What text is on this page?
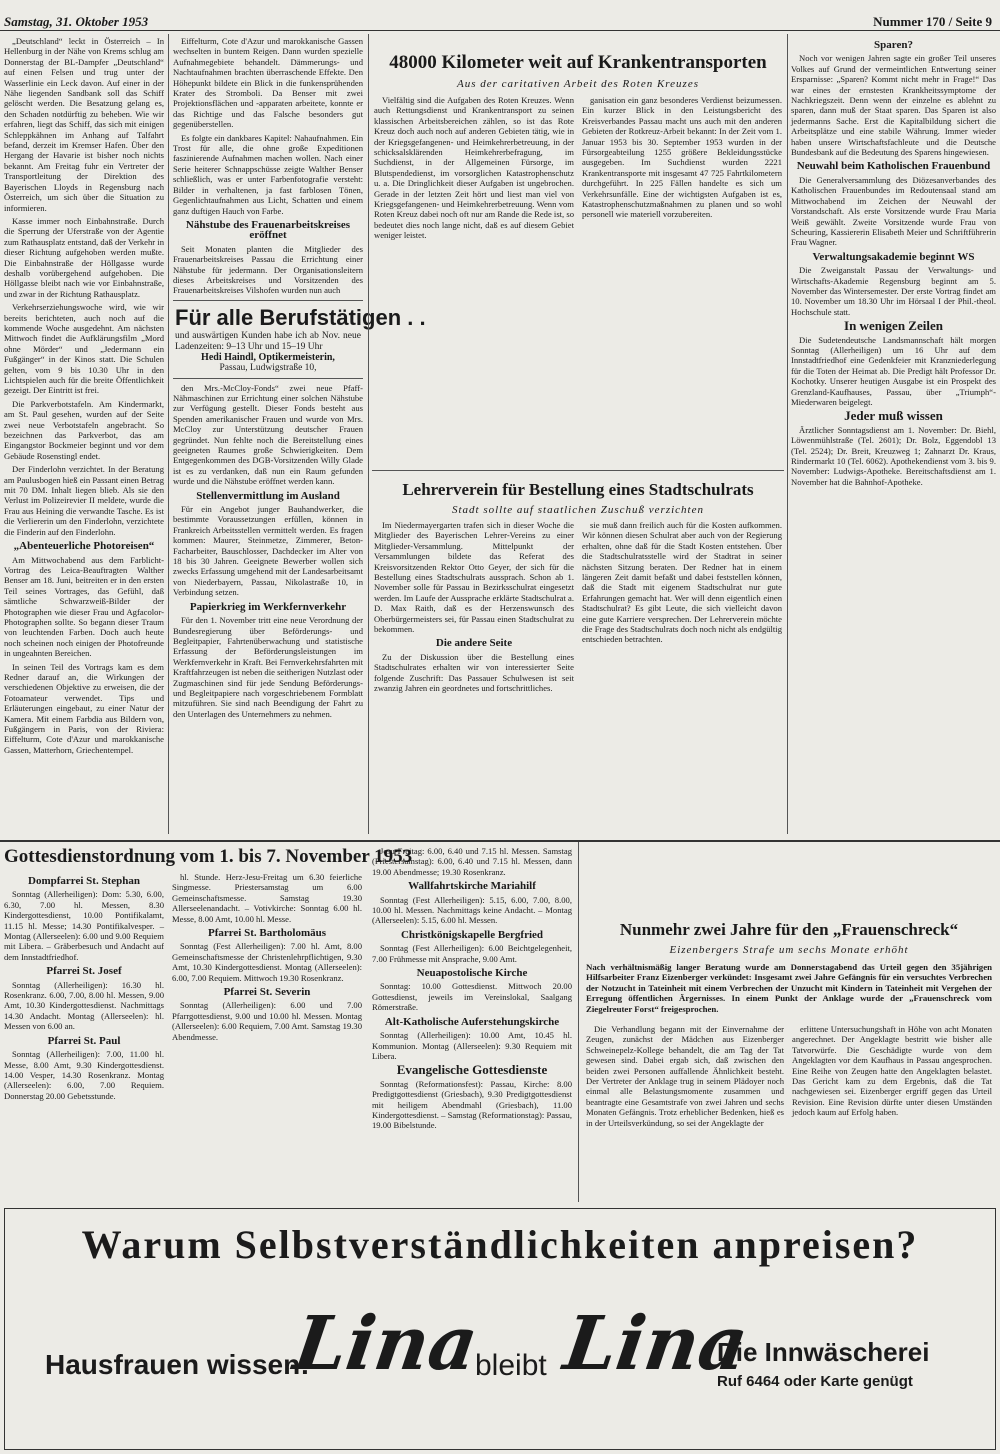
Samstag, 31. Oktober 1953	Nummer 170 / Seite 9

„Deutschland“ leckt in Österreich – In Hellenburg in der Nähe von Krems schlug am Donnerstag der BL-Dampfer „Deutschland“ auf einen Felsen und trug unter der Wasserlinie ein Leck davon. Auf einer in der Nähe liegenden Sandbank soll das Schiff gelöscht werden. Die Besatzung gelang es, den Schaden notdürftig zu beheben. Wie wir erfahren, liegt das Schiff, das sich mit einigen Schleppkähnen im Anhang auf Talfahrt befand, derzeit im Kremser Hafen. Über den Hergang der Havarie ist bisher noch nichts bekannt. Am Freitag fuhr ein Vertreter der Transportleitung der Direktion des Bayerischen Lloyds in Regensburg nach Österreich, um sich über die Situation zu informieren.

Kasse immer noch Einbahnstraße. Durch die Sperrung der Uferstraße von der Agentie zum Rathausplatz entstand, daß der Verkehr in dieser Richtung aufgehoben werden mußte. Die Einbahnstraße der Höllgasse wurde deshalb vorübergehend aufgehoben. Die Höllgasse bleibt nach wie vor Einbahnstraße, und zwar in der Richtung Rathausplatz.

Verkehrserziehungswoche wird, wie wir bereits berichteten, auch noch auf die kommende Woche ausgedehnt. Am nächsten Mittwoch findet die Aufklärungsfilm „Mord ohne Mörder“ und „Jedermann ein Fußgänger“ in der Kinos statt. Die Schulen gelten, vom 9 bis 10.30 Uhr in den Lichtspielen auch für die breite Öffentlichkeit gezeigt. Der Eintritt ist frei.

Die Parkverbotstafeln. Am Kindermarkt, am St. Paul gesehen, wurden auf der Seite zwei neue Verbotstafeln angebracht. So bezeichnen das Parkverbot, das am Eingangstor Bockmeier beginnt und vor dem Gebäude Rosenstingl endet.

Der Finderlohn verzichtet. In der Beratung am Paulusbogen hieß ein Passant einen Betrag mit 70 DM. Inhalt liegen blieb. Als sie den Verlust im Polizeirevier II meldete, wurde die Frau aus Heining die verwandte Tasche. Es ist die Verliererin um den Finderlohn, verzichtete die Finderin auf den Finderlohn.

„Abenteuerliche Photoreisen“

Am Mittwochabend aus dem Farblicht-Vortrag des Leica-Beauftragten Walther Benser am 18. Juni, beitreiten er in den ersten Teil seines Vortrages, das Gefühl, daß sämtliche Schwarzweiß-Bilder der Photographen wie dieser Frau und Agfacolor-Photographen sollte. So begann dieser Traum von leuchtenden Farben. Doch auch heute noch scheinen noch einigen der Photofreunde in ungeahnten Bereichen.

In seinen Teil des Vortrags kam es dem Redner darauf an, die Wirkungen der verschiedenen Objektive zu erweisen, die der Fotoamateur verwendet. Tips und Erläuterungen eingebaut, zu einer Natur der Kamera. Mit einem Farbdia aus Bildern von, Fußgängern in Paris, von der Riviera: Eiffelturm, Cote d'Azur und marokkanische Gassen, Matterhorn, Griechentempel.

Eiffelturm, Cote d'Azur und marokkanische Gassen wechselten in buntem Reigen. Dann wurden spezielle Aufnahmegebiete behandelt. Dämmerungs- und Nachtaufnahmen brachten überraschende Effekte. Den Höhepunkt bildete ein Blick in die funkensprühenden Krater des Stromboli. Da Benser mit zwei Projektionsflächen und -apparaten arbeitete, konnte er das Richtige und das Falsche besonders gut gegenüberstellen.

Es folgte ein dankbares Kapitel: Nahaufnahmen. Ein Trost für alle, die ohne große Expeditionen faszinierende Aufnahmen machen wollen. Nach einer Serie heiterer Schnappschüsse zeigte Walther Benser schließlich, was er unter Farbenfotografie versteht: Bilder in verhaltenen, ja fast farblosen Tönen, Gegenlichtaufnahmen aus Licht, Schatten und einem ganz duftigen Hauch von Farbe.

Nähstube des Frauenarbeitskreises eröffnet

Seit Monaten planten die Mitglieder des Frauenarbeitskreises Passau die Errichtung einer Nähstube für jedermann. Der Organisationsleitern dieses Arbeitskreises und Vorsitzenden des Frauenarbeitskreises Vilshofen wurden nun auch

Für alle Berufstätigen . .
und auswärtigen Kunden habe ich ab Nov. neue Ladenzeiten: 9–13 Uhr und 15–19 Uhr
Hedi Haindl, Optikermeisterin,
Passau, Ludwigstraße 10,

den Mrs.-McCloy-Fonds“ zwei neue Pfaff-Nähmaschinen zur Errichtung einer solchen Nähstube zur Verfügung gestellt. Dieser Fonds besteht aus Spenden amerikanischer Frauen und wurde von Mrs. McCloy zur Unterstützung deutscher Frauen gegründet. Nun fehlte noch die Bereitstellung eines geeigneten Raumes große Schwierigkeiten. Dem Entgegenkommen des DGB-Vorsitzenden Willy Glade ist es zu verdanken, daß nun ein Raum gefunden wurde und die Nähstube eröffnet werden kann.

Stellenvermittlung im Ausland

Für ein Angebot junger Bauhandwerker, die bestimmte Voraussetzungen erfüllen, können in Frankreich Arbeitsstellen vermittelt werden. Es fragen kommen: Maurer, Steinmetze, Zimmerer, Beton-Facharbeiter, Bauschlosser, Dachdecker im Alter von 18 bis 30 Jahren. Geeignete Bewerber wollen sich zwecks Erfassung umgehend mit der Landesarbeitsamt von Niederbayern, Passau, Nikolastraße 10, in Verbindung setzen.

Papierkrieg im Werkfernverkehr

Für den 1. November tritt eine neue Verordnung der Bundesregierung über Beförderungs- und Begleitpapier, Fahrtenüberwachung und statistische Erfassung der Beförderungsleistungen im Werkfernverkehr in Kraft. Bei Fernverkehrsfahrten mit Kraftfahrzeugen ist neben die seitherigen Nutzlast oder Zugmaschinen sind für jede Sendung Beförderungs- und Begleitpapiere nach vorgeschriebenem Formblatt mitzuführen. Sie sind nach Beendigung der Fahrt zu den Unterlagen des Unternehmers zu nehmen.

48000 Kilometer weit auf Krankentransporten
Aus der caritativen Arbeit des Roten Kreuzes

Vielfältig sind die Aufgaben des Roten Kreuzes. Wenn auch Rettungsdienst und Krankentransport zu seinen klassischen Arbeitsbereichen zählen, so ist das Rote Kreuz doch auch noch auf anderen Gebieten tätig, wie in der Kriegsgefangenen- und Heimkehrerbetreuung, in der schicksalsklärenden Heimkehrerbefragung, im Suchdienst, in der Allgemeinen Fürsorge, im Blutspendedienst, im vorsorglichen Katastrophenschutz u. a. Die Dringlichkeit dieser Aufgaben ist ungebrochen. Gerade in der letzten Zeit hört und liest man viel von Kriegsgefangenen- und Heimkehrerbetreuung. Wenn vom Roten Kreuz dabei noch oft nur am Rande die Rede ist, so bedeutet dies noch lange nicht, daß es auf diesem Gebiet weniger leistet.

ganisation ein ganz besonderes Verdienst beizumessen. Ein kurzer Blick in den Leistungsbericht des Kreisverbandes Passau macht uns auch mit den anderen Gebieten der Rotkreuz-Arbeit bekannt: In der Zeit vom 1. Januar 1953 bis 30. September 1953 wurden in der Fürsorgeabteilung 1255 größere Bekleidungsstücke ausgegeben. Im Suchdienst wurden 2221 Krankentransporte mit insgesamt 47 725 Fahrtkilometern durchgeführt. In 225 Fällen handelte es sich um Verkehrsunfälle. Eine der wichtigsten Aufgaben ist es, Katastrophenschutzmaßnahmen zu planen und so wohl personell wie materiell vorzubereiten.

Lehrerverein für Bestellung eines Stadtschulrats
Stadt sollte auf staatlichen Zuschuß verzichten

Im Niedermayergarten trafen sich in dieser Woche die Mitglieder des Bayerischen Lehrer-Vereins zu einer Mitglieder-Versammlung. Mittelpunkt der Versammlungen bildete das Referat des Kreisvorsitzenden Rektor Otto Geyer, der sich für die Bestellung eines Stadtschulrats aussprach. Schon ab 1. November solle für Passau in Bezirksschulrat eingesetzt werden. Im Laufe der Aussprache erklärte Stadtschulrat a. D. Max Raith, daß es der Herzenswunsch des Oberbürgermeisters sei, für Passau einen Stadtschulrat zu bekommen.

Die andere Seite

Zu der Diskussion über die Bestellung eines Stadtschulrates erhalten wir von interessierter Seite folgende Zuschrift: Das Passauer Schulwesen ist seit zwanzig Jahren ein geordnetes und fortschrittliches.

sie muß dann freilich auch für die Kosten aufkommen. Wir können diesen Schulrat aber auch von der Regierung erhalten, ohne daß für die Stadt Kosten entstehen. Über die Stadtschulratsstelle wird der Stadtrat in seiner nächsten Sitzung beraten. Der Redner hat in einem längeren Zeit damit befaßt und dabei feststellen können, daß die Stadt mit eigenem Stadtschulrat nur gute Erfahrungen gemacht hat. Wer will denn eigentlich einen Stadtschulrat? Es gibt Leute, die sich vielleicht davon eine gute Karriere versprechen. Der Lehrerverein möchte die Frage des Stadtschulrats doch noch nicht als endgültig entschieden betrachten.

Sparen?

Noch vor wenigen Jahren sagte ein großer Teil unseres Volkes auf Grund der vermeintlichen Entwertung seiner Ersparnisse: „Sparen? Kommt nicht mehr in Frage!“ Das war eines der ernstesten Krankheitssymptome der Nachkriegszeit. Denn wenn der einzelne es ablehnt zu sparen, dann muß der Staat sparen. Das Sparen ist also jedermanns Sache. Erst die Kapitalbildung sichert die Arbeitsplätze und eine stabile Währung. Immer wieder haben unsere Wirtschaftsfachleute und die Deutsche Bundesbank auf die Bedeutung des Sparens hingewiesen.

Neuwahl beim Katholischen Frauenbund

Die Generalversammlung des Diözesanverbandes des Katholischen Frauenbundes im Redoutensaal stand am Mittwochabend im Zeichen der Neuwahl der Vorstandschaft. Als erste Vorsitzende wurde Frau Maria Weiß gewählt. Zweite Vorsitzende wurde Frau von Scheuring, Kassiererin Elisabeth Meier und Schriftführerin Frau Wagner.

Verwaltungsakademie beginnt WS

Die Zweiganstalt Passau der Verwaltungs- und Wirtschafts-Akademie Regensburg beginnt am 5. November das Wintersemester. Der erste Vortrag findet am 10. November um 18.30 Uhr im Hörsaal I der Phil.-theol. Hochschule statt.

In wenigen Zeilen

Die Sudetendeutsche Landsmannschaft hält morgen Sonntag (Allerheiligen) um 16 Uhr auf dem Innstadtfriedhof eine Gedenkfeier mit Kranzniederlegung für die Toten der Heimat ab. Die Predigt hält Professor Dr. Kochotky. Unserer heutigen Ausgabe ist ein Prospekt des Grenzland-Kaufhauses, Passau, über „Triumph“-Miederwaren beigelegt.

Jeder muß wissen

Ärztlicher Sonntagsdienst am 1. November: Dr. Biehl, Löwenmühlstraße (Tel. 2601); Dr. Bolz, Eggendobl 13 (Tel. 2524); Dr. Breit, Kreuzweg 1; Zahnarzt Dr. Kraus, Rindermarkt 10 (Tel. 6062). Apothekendienst vom 3. bis 9. November: Ludwigs-Apotheke. Bereitschaftsdienst am 1. November hat die Bahnhof-Apotheke.

Gottesdienstordnung vom 1. bis 7. November 1953
Dompfarrei St. Stephan

Sonntag (Allerheiligen): Dom: 5.30, 6.00, 6.30, 7.00 hl. Messen, 8.30 Kindergottesdienst, 10.00 Pontifikalamt, 11.15 hl. Messe; 14.30 Pontifikalvesper. – Montag (Allerseelen): 6.00 und 9.00 Requiem mit Libera. – Gräberbesuch und Andacht auf dem Innstadtfriedhof.

Pfarrei St. Josef

Sonntag (Allerheiligen): 16.30 hl. Rosenkranz. 6.00, 7.00, 8.00 hl. Messen, 9.00 Amt, 10.30 Kindergottesdienst. Nachmittags 14.30 Andacht. Montag (Allerseelen): hl. Messen von 6.00 an.

Pfarrei St. Paul

Sonntag (Allerheiligen): 7.00, 11.00 hl. Messe, 8.00 Amt, 9.30 Kindergottesdienst. 14.00 Vesper, 14.30 Rosenkranz. Montag (Allerseelen): 6.00, 7.00 Requiem. Donnerstag 20.00 Gebetsstunde.

hl. Stunde. Herz-Jesu-Freitag um 6.30 feierliche Singmesse. Priestersamstag um 6.00 Gemeinschaftsmesse. Samstag 19.30 Allerseelenandacht. – Votivkirche: Sonntag 6.00 hl. Messe, 8.00 Amt, 10.00 hl. Messe.

Pfarrei St. Bartholomäus

Sonntag (Fest Allerheiligen): 7.00 hl. Amt, 8.00 Gemeinschaftsmesse der Christenlehrpflichtigen, 9.30 Amt, 10.30 Kindergottesdienst. Montag (Allerseelen): 6.00, 7.00 Requiem. Mittwoch 19.30 Rosenkranz.

Pfarrei St. Severin

Sonntag (Allerheiligen): 6.00 und 7.00 Pfarrgottesdienst, 9.00 und 10.00 hl. Messen. Montag (Allerseelen): 6.00 Requiem, 7.00 Amt. Samstag 19.30 Abendmesse.

Jesu-Freitag: 6.00, 6.40 und 7.15 hl. Messen. Samstag (Priestersamstag): 6.00, 6.40 und 7.15 hl. Messen, dann 19.00 Abendmesse; 19.30 Rosenkranz.

Wallfahrtskirche Mariahilf

Sonntag (Fest Allerheiligen): 5.15, 6.00, 7.00, 8.00, 10.00 hl. Messen. Nachmittags keine Andacht. – Montag (Allerseelen): 5.15, 6.00 hl. Messen.

Christkönigskapelle Bergfried

Sonntag (Fest Allerheiligen): 6.00 Beichtgelegenheit, 7.00 Frühmesse mit Ansprache, 9.00 Amt.

Neuapostolische Kirche

Sonntag: 10.00 Gottesdienst. Mittwoch 20.00 Gottesdienst, jeweils im Vereinslokal, Saalgang Römerstraße.

Alt-Katholische Auferstehungskirche

Sonntag (Allerheiligen): 10.00 Amt, 10.45 hl. Kommunion. Montag (Allerseelen): 9.30 Requiem mit Libera.

Evangelische Gottesdienste

Sonntag (Reformationsfest): Passau, Kirche: 8.00 Predigtgottesdienst (Griesbach), 9.30 Predigtgottesdienst mit heiligem Abendmahl (Griesbach), 11.00 Kindergottesdienst. – Samstag (Reformationstag): Passau, 19.00 Bibelstunde.

Nunmehr zwei Jahre für den „Frauenschreck“
Eizenbergers Strafe um sechs Monate erhöht
Nach verhältnismäßig langer Beratung wurde am Donnerstagabend das Urteil gegen den 35jährigen Hilfsarbeiter Franz Eizenberger verkündet: Insgesamt zwei Jahre Gefängnis für ein versuchtes Verbrechen der Notzucht in Tateinheit mit einem Verbrechen der Unzucht mit Kindern in Tateinheit mit Vergehen der Erregung öffentlichen Ärgernisses. In einem Punkt der Anklage wurde der „Frauenschreck vom Ziegelreuter Forst“ freigesprochen.

Die Verhandlung begann mit der Einvernahme der Zeugen, zunächst der Mädchen aus Eizenberger Schweinepelz-Kollege behandelt, die am Tag der Tat gewesen sind. Dabei ergab sich, daß zwischen den beiden zwei Personen auffallende Ähnlichkeit besteht. Der Vertreter der Anklage trug in seinem Plädoyer noch einmal alle Belastungsmomente zusammen und beantragte eine Gesamtstrafe von zwei Jahren und sechs Monaten Gefängnis. Trotz erheblicher Bedenken, hieß es in der Urteilsverkündung, so sei der Angeklagte der

erlittene Untersuchungshaft in Höhe von acht Monaten angerechnet. Der Angeklagte bestritt wie bisher alle Tatvorwürfe. Die Geschädigte wurde von dem Angeklagten vor dem Kaufhaus in Passau angesprochen. Eine Reihe von Zeugen hatte den Angeklagten belastet. Das Gericht kam zu dem Ergebnis, daß die Tat nachgewiesen sei. Eizenberger ergriff gegen das Urteil Revision. Eine Revision dürfte unter diesen Umständen jedoch kaum auf Erfolg haben.

Warum Selbstverständlichkeiten anpreisen?
Hausfrauen wissen:
Lina
bleibt Lina
Die Innwäscherei
Ruf 6464 oder Karte genügt
